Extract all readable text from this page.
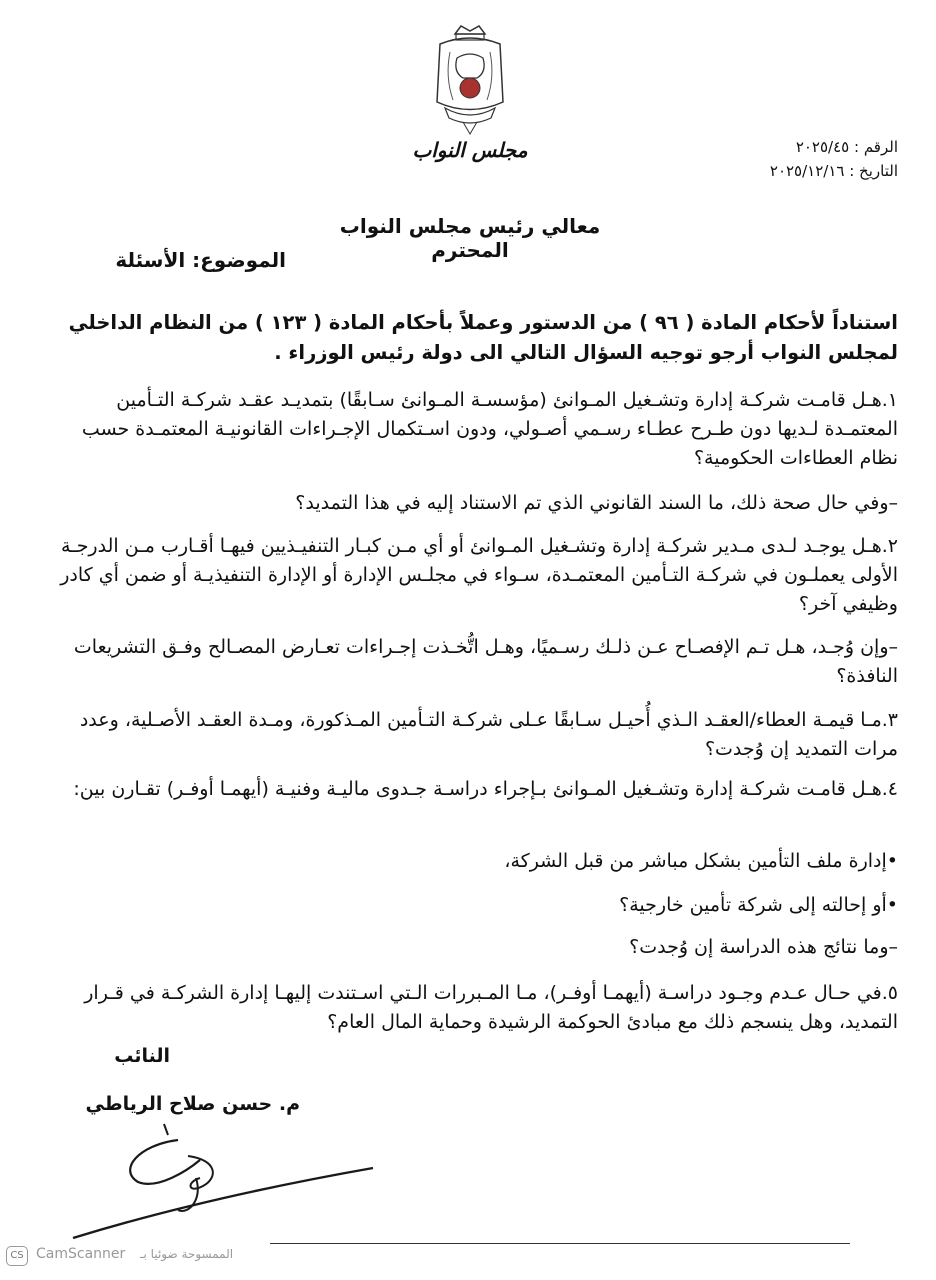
مجلس النواب	الرقم : ٢٠٢٥/٤٥
التاريخ : ٢٠٢٥/١٢/١٦
معالي رئيس مجلس النواب المحترم
الموضوع: الأسئلة
استناداً لأحكام المادة ( ٩٦ ) من الدستور وعملاً بأحكام المادة ( ١٢٣ ) من النظام الداخلي لمجلس النواب أرجو توجيه السؤال التالي الى دولة رئيس الوزراء .
١.هـل قامـت شركـة إدارة وتشـغيل المـوانئ (مؤسسـة المـوانئ سـابقًا) بتمديـد عقـد شركـة التـأمين المعتمـدة لـديها دون طـرح عطـاء رسـمي أصـولي، ودون اسـتكمال الإجـراءات القانونيـة المعتمـدة حسب نظام العطاءات الحكومية؟
–وفي حال صحة ذلك، ما السند القانوني الذي تم الاستناد إليه في هذا التمديد؟
٢.هـل يوجـد لـدى مـدير شركـة إدارة وتشـغيل المـوانئ أو أي مـن كبـار التنفيـذيين فيهـا أقـارب مـن الدرجـة الأولى يعملـون في شركـة التـأمين المعتمـدة، سـواء في مجلـس الإدارة أو الإدارة التنفيذيـة أو ضمن أي كادر وظيفي آخر؟
–وإن وُجـد، هـل تـم الإفصـاح عـن ذلـك رسـميًا، وهـل اتُّخـذت إجـراءات تعـارض المصـالح وفـق التشريعات النافذة؟
٣.مـا قيمـة العطاء/العقـد الـذي أُحيـل سـابقًا عـلى شركـة التـأمين المـذكورة، ومـدة العقـد الأصـلية، وعدد مرات التمديد إن وُجدت؟
٤.هـل قامـت شركـة إدارة وتشـغيل المـوانئ بـإجراء دراسـة جـدوى ماليـة وفنيـة (أيهمـا أوفـر) تقـارن بين:
•إدارة ملف التأمين بشكل مباشر من قبل الشركة،
•أو إحالته إلى شركة تأمين خارجية؟
–وما نتائج هذه الدراسة إن وُجدت؟
٥.في حـال عـدم وجـود دراسـة (أيهمـا أوفـر)، مـا المـبررات الـتي اسـتندت إليهـا إدارة الشركـة في قـرار التمديد، وهل ينسجم ذلك مع مبادئ الحوكمة الرشيدة وحماية المال العام؟
النائب
م. حسن صلاح الرياطي
CS CamScanner الممسوحة ضوئيا بـ
